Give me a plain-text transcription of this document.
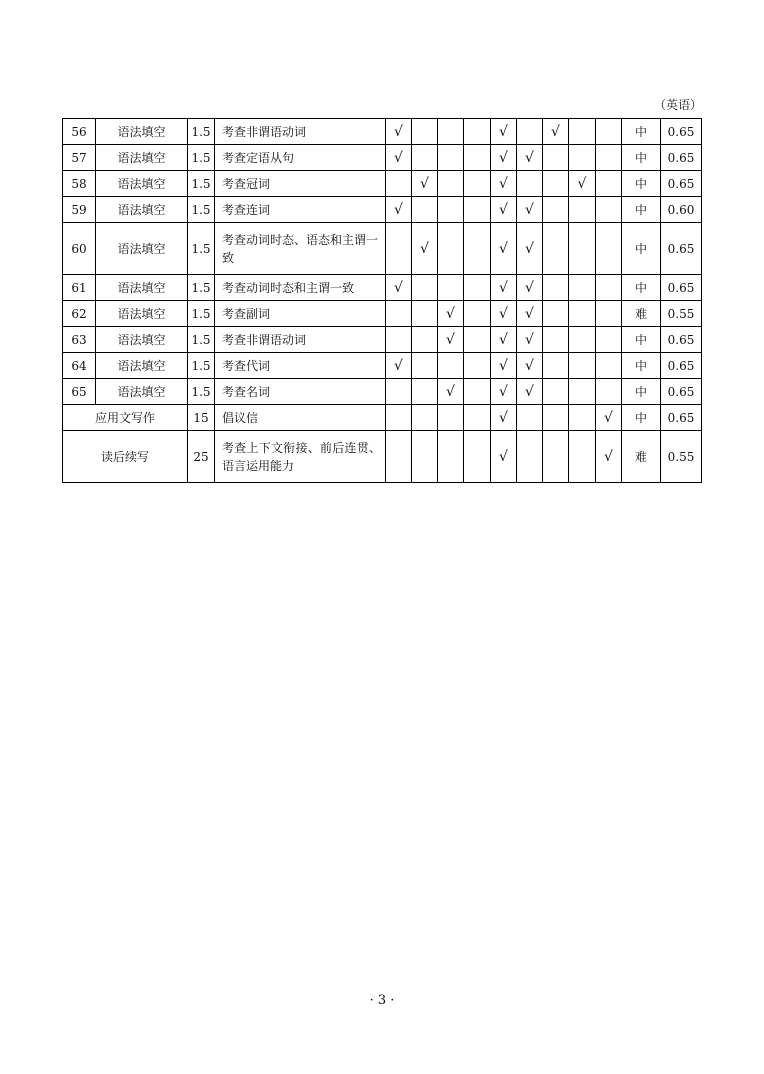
（英语）
56	语法填空	1.5	考查非谓语动词	√				√		√			中	0.65
57	语法填空	1.5	考查定语从句	√				√	√				中	0.65
58	语法填空	1.5	考查冠词		√			√			√		中	0.65
59	语法填空	1.5	考查连词	√				√	√				中	0.60
60	语法填空	1.5	考查动词时态、语态和主谓一致		√			√	√				中	0.65
61	语法填空	1.5	考查动词时态和主谓一致	√				√	√				中	0.65
62	语法填空	1.5	考查副词			√		√	√				难	0.55
63	语法填空	1.5	考查非谓语动词			√		√	√				中	0.65
64	语法填空	1.5	考查代词	√				√	√				中	0.65
65	语法填空	1.5	考查名词			√		√	√				中	0.65
应用文写作		15	倡议信					√				√	中	0.65
读后续写		25	考查上下文衔接、前后连贯、语言运用能力					√				√	难	0.55
· 3 ·
